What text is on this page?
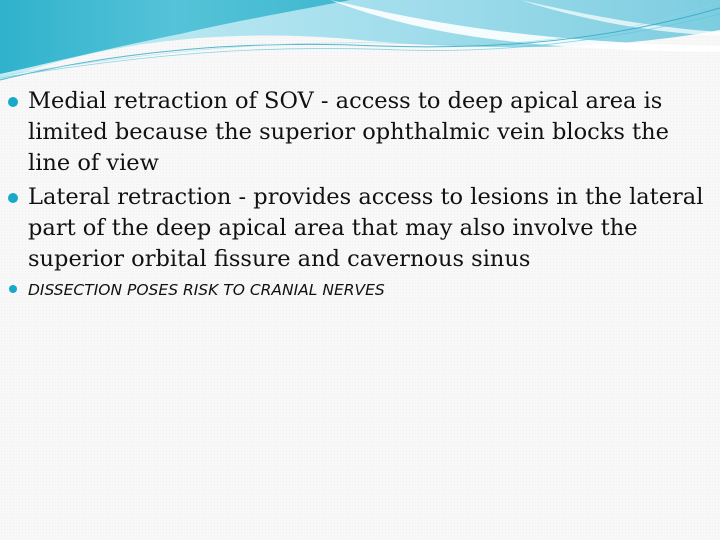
Medial retraction of SOV - access to deep apical area is limited because the superior ophthalmic vein blocks the line of view
Lateral retraction - provides access to lesions in the lateral part of the deep apical area that may also involve the superior orbital fissure and cavernous sinus
DISSECTION POSES RISK TO CRANIAL NERVES
